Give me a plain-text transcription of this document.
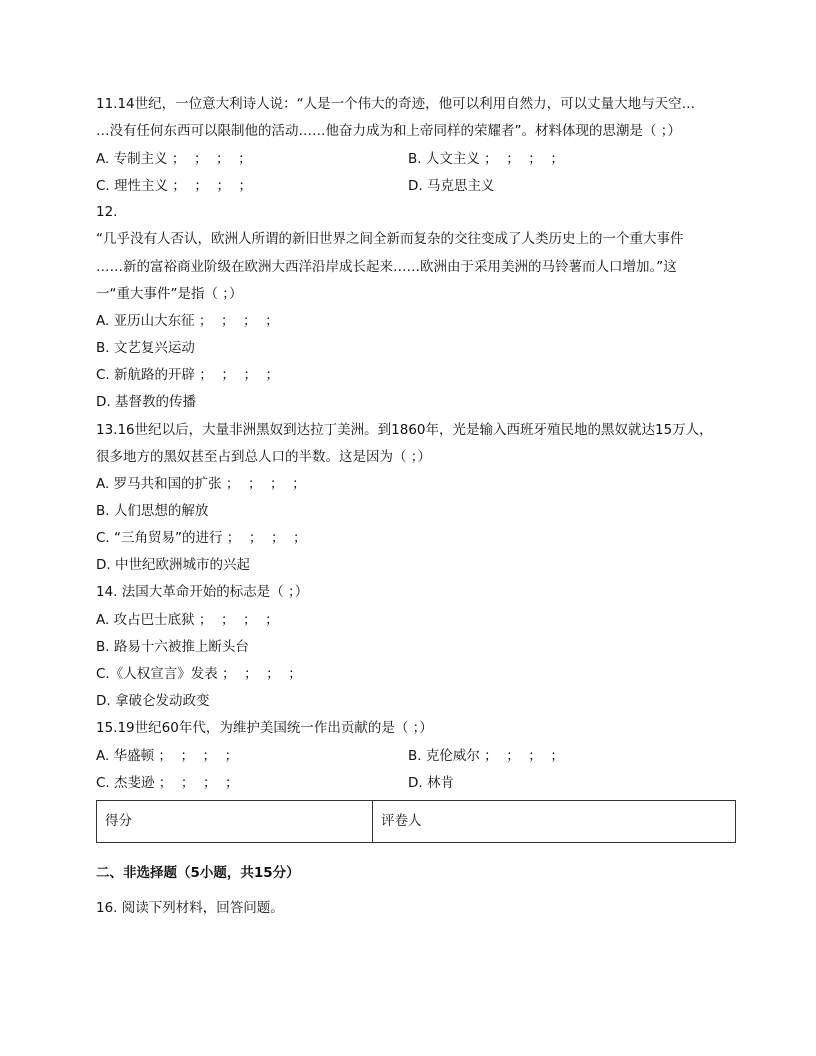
11.14世纪，一位意大利诗人说：“人是一个伟大的奇迹，他可以利用自然力，可以丈量大地与天空…
…没有任何东西可以限制他的活动……他奋力成为和上帝同样的荣耀者”。材料体现的思潮是（ ；）
A. 专制主义 ；  ；  ；  ；	B. 人文主义 ；  ；  ；  ；
C. 理性主义 ；  ；  ；  ；	D. 马克思主义
12.
“几乎没有人否认，欧洲人所谓的新旧世界之间全新而复杂的交往变成了人类历史上的一个重大事件
……新的富裕商业阶级在欧洲大西洋沿岸成长起来……欧洲由于采用美洲的马铃薯而人口增加。”这
一“重大事件”是指（ ；）
A. 亚历山大东征 ；  ；  ；  ；
B. 文艺复兴运动
C. 新航路的开辟 ；  ；  ；  ；
D. 基督教的传播
13.16世纪以后，大量非洲黑奴到达拉丁美洲。到1860年，光是输入西班牙殖民地的黑奴就达15万人，
很多地方的黑奴甚至占到总人口的半数。这是因为（ ；）
A. 罗马共和国的扩张 ；  ；  ；  ；
B. 人们思想的解放
C. “三角贸易”的进行 ；  ；  ；  ；
D. 中世纪欧洲城市的兴起
14. 法国大革命开始的标志是（ ；）
A. 攻占巴士底狱 ；  ；  ；  ；
B. 路易十六被推上断头台
C.《人权宣言》发表 ；  ；  ；  ；
D. 拿破仑发动政变
15.19世纪60年代，为维护美国统一作出贡献的是（ ；）
A. 华盛顿 ；  ；  ；  ；	B. 克伦威尔 ；  ；  ；  ；
C. 杰斐逊 ；  ；  ；  ；	D. 林肯
得分	评卷人
二、非选择题（5小题，共15分）
16. 阅读下列材料，回答问题。
